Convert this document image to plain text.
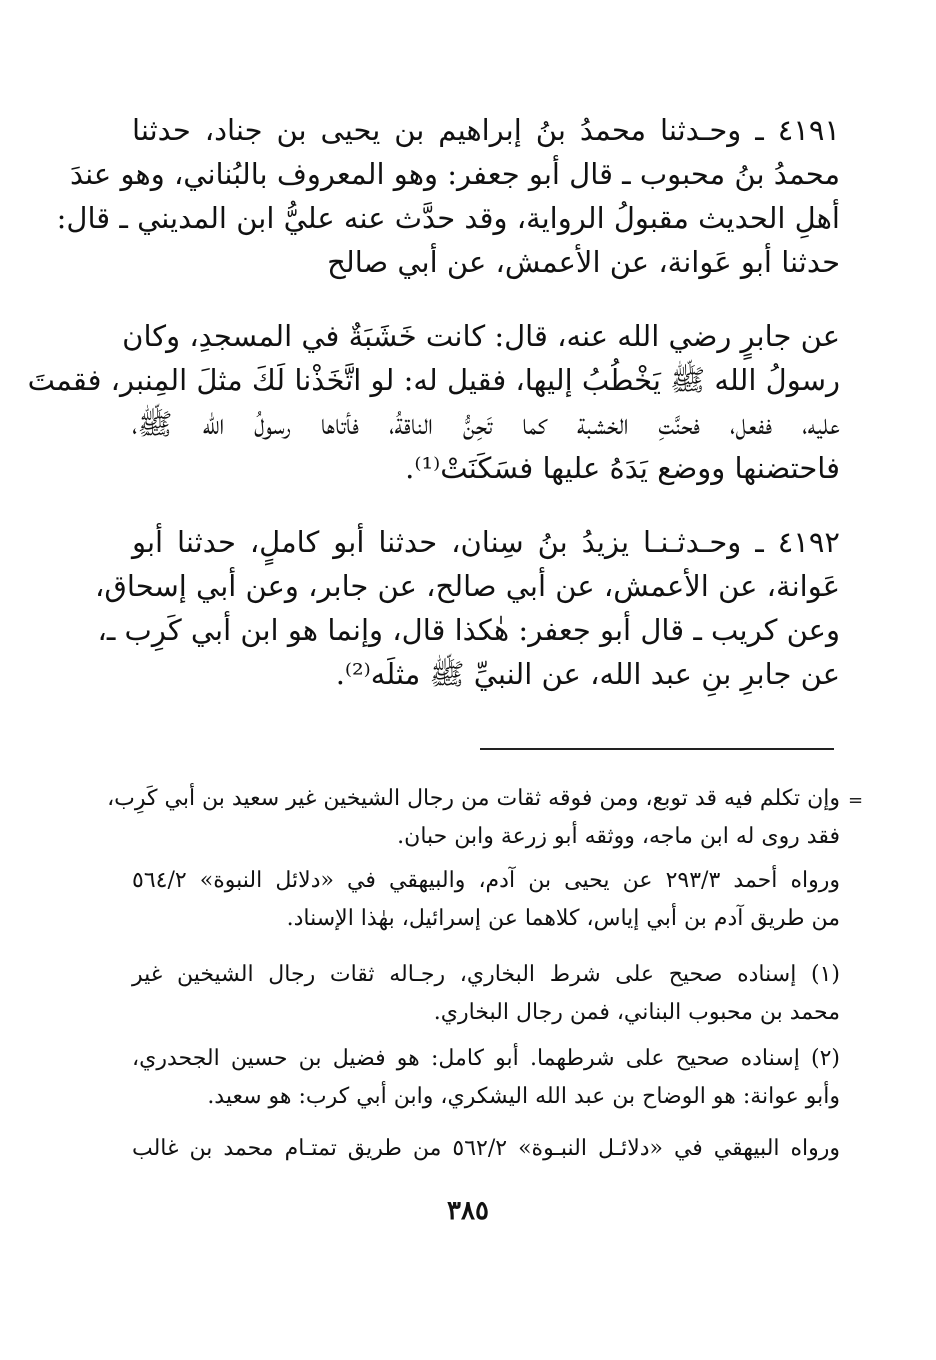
٤١٩١ ـ وحـدثنا محمدُ بنُ إبراهيم بن يحيى بن جناد، حدثنا
محمدُ بنُ محبوب ـ قال أبو جعفر: وهو المعروف بالبُناني، وهو عندَ
أهلِ الحديث مقبولُ الرواية، وقد حدَّث عنه عليُّ ابن المديني ـ قال:
حدثنا أبو عَوانة، عن الأعمش، عن أبي صالح
عن جابرٍ رضي الله عنه، قال: كانت خَشَبَةٌ في المسجدِ، وكان
رسولُ الله ﷺ يَخْطُبُ إليها، فقيل له: لو اتَّخَذْنا لَكَ مثلَ المِنبر، فقمتَ
عليه، ففعل، فحنَّتِ الخشبة كما تَحِنُّ الناقةُ، فأتاها رسولُ الله ﷺ،
فاحتضنها ووضع يَدَهُ عليها فسَكَنَتْ⁽¹⁾.
٤١٩٢ ـ وحـدثـنـا يزيدُ بنُ سِنان، حدثنا أبو كاملٍ، حدثنا أبو
عَوانة، عن الأعمش، عن أبي صالح، عن جابر، وعن أبي إسحاق،
وعن كريب ـ قال أبو جعفر: هٰكذا قال، وإنما هو ابن أبي كَرِب ـ،
عن جابرِ بنِ عبد الله، عن النبيِّ ﷺ مثلَه⁽²⁾.
=
وإن تكلم فيه قد توبع، ومن فوقه ثقات من رجال الشيخين غير سعيد بن أبي كَرِب،
فقد روى له ابن ماجه، ووثقه أبو زرعة وابن حبان.
ورواه أحمد ٢٩٣/٣ عن يحيى بن آدم، والبيهقي في «دلائل النبوة» ٥٦٤/٢
من طريق آدم بن أبي إياس، كلاهما عن إسرائيل، بهٰذا الإسناد.
(١) إسناده صحيح على شرط البخاري، رجـاله ثقات رجال الشيخين غير
محمد بن محبوب البناني، فمن رجال البخاري.
(٢) إسناده صحيح على شرطهما. أبو كامل: هو فضيل بن حسين الجحدري،
وأبو عوانة: هو الوضاح بن عبد الله اليشكري، وابن أبي كرب: هو سعيد.
ورواه البيهقي في «دلائـل النبـوة» ٥٦٢/٢ من طريق تمتـام محمد بن غالب
٣٨٥
